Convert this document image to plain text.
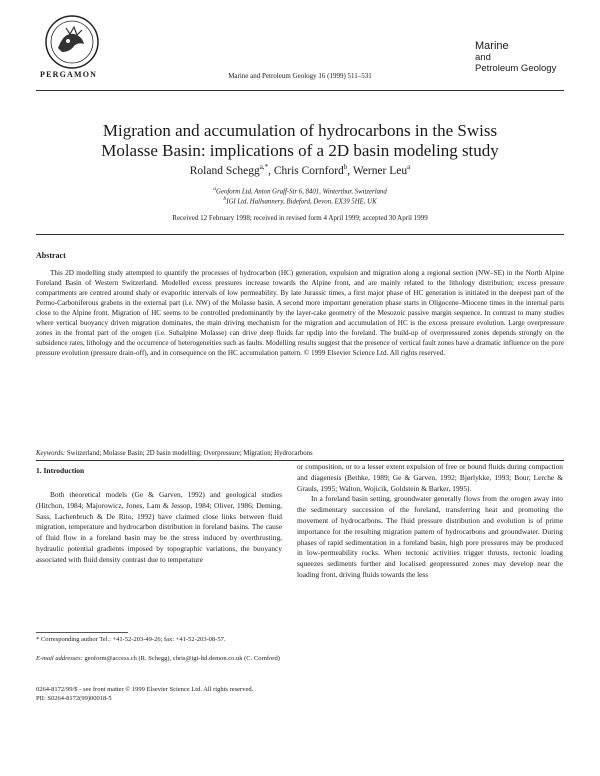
PERGAMON	Marine and Petroleum Geology 16 (1999) 511–531
Marine
and
Petroleum Geology
Migration and accumulation of hydrocarbons in the Swiss
Molasse Basin: implications of a 2D basin modeling study
Roland Schegg$^{a,*}$, Chris Cornford$^b$, Werner Leu$^a$
$^a$Geoform Ltd, Anton Graff-Str 6, 8401, Winterthur, Switzerland
$^b$IGI Ltd, Hallsannery, Bideford, Devon, EX39 5HE, UK
Received 12 February 1998; received in revised form 4 April 1999; accepted 30 April 1999
Abstract
This 2D modelling study attempted to quantify the processes of hydrocarbon (HC) generation, expulsion and migration along a regional section (NW–SE) in the North Alpine Foreland Basin of Western Switzerland. Modelled excess pressures increase towards the Alpine front, and are mainly related to the lithology distribution; excess pressure compartments are centred around shaly or evaporitic intervals of low permeability. By late Jurassic times, a first major phase of HC generation is initiated in the deepest part of the Permo-Carboniferous grabens in the external part (i.e. NW) of the Molasse basin. A second more important generation phase starts in Oligocene–Miocene times in the internal parts close to the Alpine front. Migration of HC seems to be controlled predominantly by the layer-cake geometry of the Mesozoic passive margin sequence. In contrast to many studies where vertical buoyancy driven migration dominates, the main driving mechanism for the migration and accumulation of HC is the excess pressure evolution. Large overpressure zones in the frontal part of the orogen (i.e. Subalpine Molasse) can drive deep fluids far updip into the foreland. The build-up of overpressured zones depends strongly on the subsidence rates, lithology and the occurrence of heterogeneities such as faults. Modelling results suggest that the presence of vertical fault zones have a dramatic influence on the pore pressure evolution (pressure drain-off), and in consequence on the HC accumulation pattern. © 1999 Elsevier Science Ltd. All rights reserved.
Keywords: Switzerland; Molasse Basin; 2D basin modelling; Overpressure; Migration; Hydrocarbons
1. Introduction

Both theoretical models (Ge & Garven, 1992) and geological studies (Hitchon, 1984; Majorowicz, Jones, Lam & Jessop, 1984; Oliver, 1986; Deming, Sass, Lachenbruch & De Rito, 1992) have claimed close links between fluid migration, temperature and hydrocarbon distribution in foreland basins. The cause of fluid flow in a foreland basin may be the stress induced by overthrusting, hydraulic potential gradients imposed by topographic variations, the buoyancy associated with fluid density contrast due to temperature

or composition, or to a lesser extent expulsion of free or bound fluids during compaction and diagenesis (Bethke, 1989; Ge & Garven, 1992; Bjørlykke, 1993; Bour, Lerche & Grauls, 1995; Walton, Wojicik, Goldstein & Barker, 1995).

In a foreland basin setting, groundwater generally flows from the orogen away into the sedimentary succession of the foreland, transferring heat and promoting the movement of hydrocarbons. The fluid pressure distribution and evolution is of prime importance for the resulting migration pattern of hydrocarbons and groundwater. During phases of rapid sedimentation in a foreland basin, high pore pressures may be produced in low-permeability rocks. When tectonic activities trigger thrusts, tectonic loading squeezes sediments further and localised geopressured zones may develop near the loading front, driving fluids towards the less

* Corresponding author Tel.: +41-52-203-49-26; fax: +41-52-203-08-57.
E-mail addresses: geoform@access.ch (R. Schegg), chris@igi-ltd.demon.co.uk (C. Cornford)
0264-8172/99/$ - see front matter © 1999 Elsevier Science Ltd. All rights reserved.
PII: S0264-8172(99)00018-5
